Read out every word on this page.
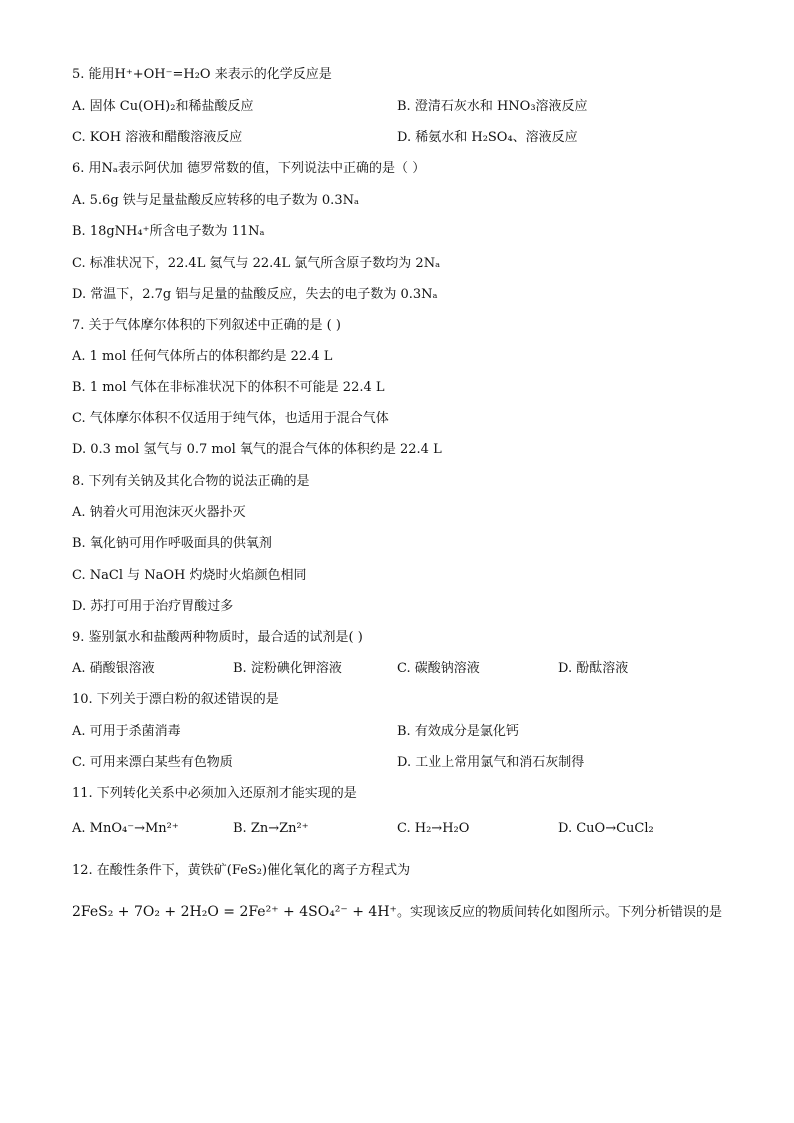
5. 能用H⁺+OH⁻=H₂O 来表示的化学反应是
A. 固体 Cu(OH)₂和稀盐酸反应	B. 澄清石灰水和 HNO₃溶液反应
C. KOH 溶液和醋酸溶液反应	D. 稀氨水和 H₂SO₄、溶液反应
6. 用Nₐ表示阿伏加 德罗常数的值，下列说法中正确的是（ ）
A. 5.6g 铁与足量盐酸反应转移的电子数为 0.3Nₐ
B. 18gNH₄⁺所含电子数为 11Nₐ
C. 标准状况下，22.4L 氦气与 22.4L 氯气所含原子数均为 2Nₐ
D. 常温下，2.7g 铝与足量的盐酸反应，失去的电子数为 0.3Nₐ
7. 关于气体摩尔体积的下列叙述中正确的是 ( )
A. 1 mol 任何气体所占的体积都约是 22.4 L
B. 1 mol 气体在非标准状况下的体积不可能是 22.4 L
C. 气体摩尔体积不仅适用于纯气体，也适用于混合气体
D. 0.3 mol 氢气与 0.7 mol 氧气的混合气体的体积约是 22.4 L
8. 下列有关钠及其化合物的说法正确的是
A. 钠着火可用泡沫灭火器扑灭
B. 氧化钠可用作呼吸面具的供氧剂
C. NaCl 与 NaOH 灼烧时火焰颜色相同
D. 苏打可用于治疗胃酸过多
9. 鉴别氯水和盐酸两种物质时，最合适的试剂是( )
A. 硝酸银溶液	B. 淀粉碘化钾溶液	C. 碳酸钠溶液	D. 酚酞溶液
10. 下列关于漂白粉的叙述错误的是
A. 可用于杀菌消毒	B. 有效成分是氯化钙
C. 可用来漂白某些有色物质	D. 工业上常用氯气和消石灰制得
11. 下列转化关系中必须加入还原剂才能实现的是
A. MnO₄⁻→Mn²⁺	B. Zn→Zn²⁺	C. H₂→H₂O	D. CuO→CuCl₂
12. 在酸性条件下，黄铁矿(FeS₂)催化氧化的离子方程式为
2FeS₂ + 7O₂ + 2H₂O = 2Fe²⁺ + 4SO₄²⁻ + 4H⁺。实现该反应的物质间转化如图所示。下列分析错误的是
